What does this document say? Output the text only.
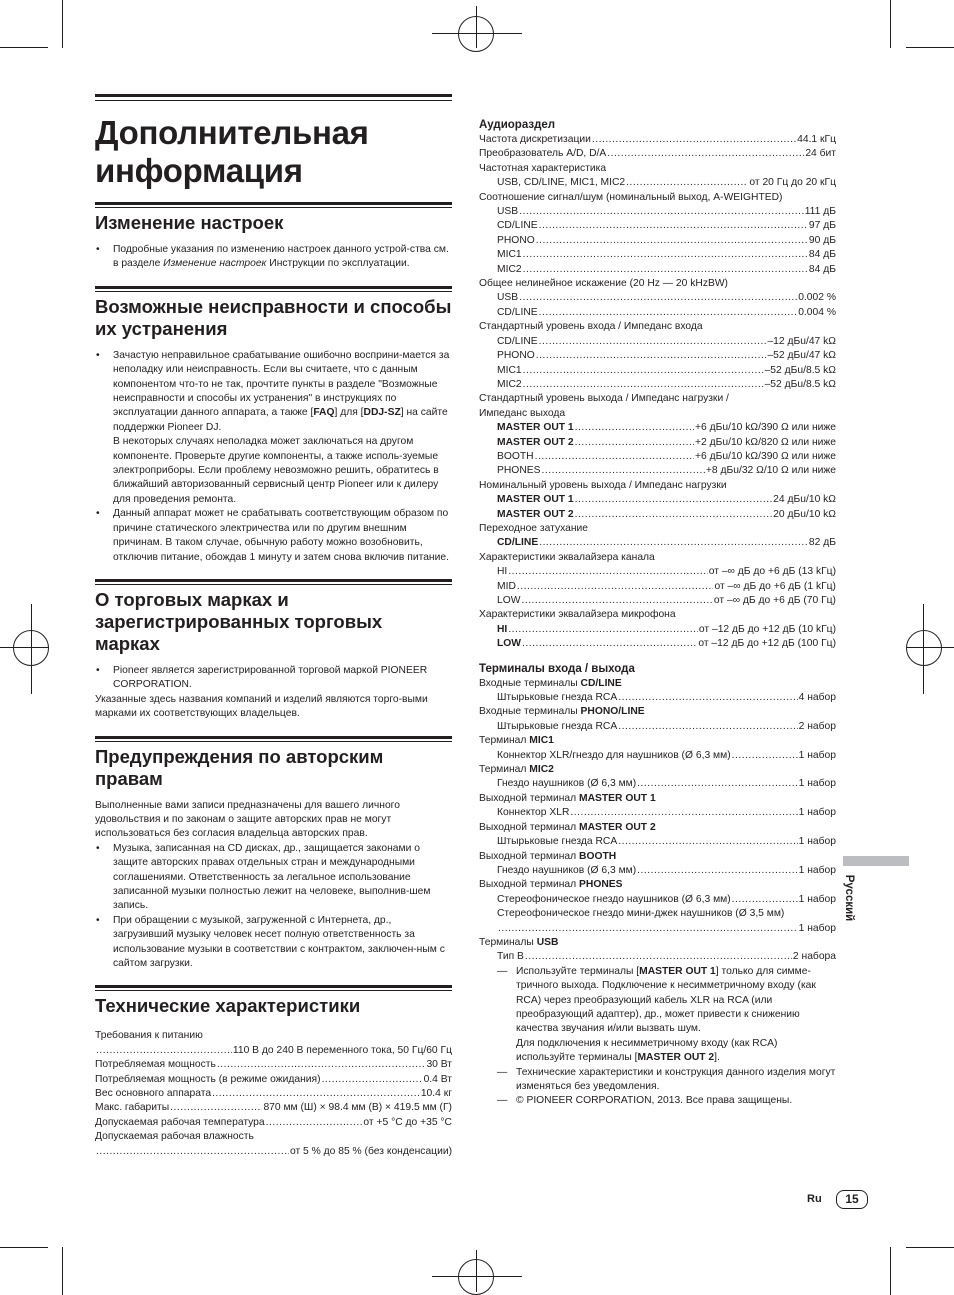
Дополнительная
информация
Изменение настроек

• Подробные указания по изменению настроек данного устрой-ства см. в разделе Изменение настроек Инструкции по эксплуатации.

Возможные неисправности и способы их устранения

• Зачастую неправильное срабатывание ошибочно восприни-мается за неполадку или неисправность. Если вы считаете, что с данным компонентом что-то не так, прочтите пункты в разделе "Возможные неисправности и способы их устранения" в инструкциях по эксплуатации данного аппарата, а также [FAQ] для [DDJ-SZ] на сайте поддержки Pioneer DJ.

В некоторых случаях неполадка может заключаться на другом компоненте. Проверьте другие компоненты, а также исполь-зуемые электроприборы. Если проблему невозможно решить, обратитесь в ближайший авторизованный сервисный центр Pioneer или к дилеру для проведения ремонта.

• Данный аппарат может не срабатывать соответствующим образом по причине статического электричества или по другим внешним причинам. В таком случае, обычную работу можно возобновить, отключив питание, обождав 1 минуту и затем снова включив питание.

О торговых марках и зарегистрированных торговых марках

• Pioneer является зарегистрированной торговой маркой PIONEER CORPORATION.

Указанные здесь названия компаний и изделий являются торго-выми марками их соответствующих владельцев.

Предупреждения по авторским правам

Выполненные вами записи предназначены для вашего личного удовольствия и по законам о защите авторских прав не могут использоваться без согласия владельца авторских прав.

• Музыка, записанная на CD дисках, др., защищается законами о защите авторских правах отдельных стран и международными соглашениями. Ответственность за легальное использование записанной музыки полностью лежит на человеке, выполнив-шем запись.

• При обращении с музыкой, загруженной с Интернета, др., загрузивший музыку человек несет полную ответственность за использование музыки в соответствии с контрактом, заключен-ным с сайтом загрузки.

Технические характеристики

Требования к питанию

.....
110 В до 240 В переменного тока, 50 Гц/60 Гц
Потребляемая мощность .....	30 Вт
Потребляемая мощность (в режиме ожидания) .....	0.4 Вт
Вес основного аппарата .....	10.4 кг
Макс. габариты .....	870 мм (Ш) × 98.4 мм (В) × 419.5 мм (Г)
Допускаемая рабочая температура .....	от +5 °C до +35 °C

Допускаемая рабочая влажность

.....
от 5 % до 85 % (без конденсации)
Аудиораздел
Частота дискретизации .....	44.1 кГц
Преобразователь A/D, D/A .....	24 бит

Частотная характеристика

USB, CD/LINE, MIC1, MIC2 .....	от 20 Гц до 20 кГц

Соотношение сигнал/шум (номинальный выход, A-WEIGHTED)

USB .....	111 дБ
CD/LINE .....	97 дБ
PHONO .....	90 дБ
MIC1 .....	84 дБ
MIC2 .....	84 дБ

Общее нелинейное искажение (20 Hz — 20 kHzBW)

USB .....	0.002 %
CD/LINE .....	0.004 %

Стандартный уровень входа / Импеданс входа

CD/LINE .....	–12 дБu/47 kΩ
PHONO .....	–52 дБu/47 kΩ
MIC1 .....	–52 дБu/8.5 kΩ
MIC2 .....	–52 дБu/8.5 kΩ

Стандартный уровень выхода / Импеданс нагрузки /

Импеданс выхода

MASTER OUT 1 .....	+6 дБu/10 kΩ/390 Ω или ниже
MASTER OUT 2 .....	+2 дБu/10 kΩ/820 Ω или ниже
BOOTH .....	+6 дБu/10 kΩ/390 Ω или ниже
PHONES .....	+8 дБu/32 Ω/10 Ω или ниже

Номинальный уровень выхода / Импеданс нагрузки

MASTER OUT 1 .....	24 дБu/10 kΩ
MASTER OUT 2 .....	20 дБu/10 kΩ

Переходное затухание

CD/LINE .....	82 дБ

Характеристики эквалайзера канала

HI .....	от –∞ дБ до +6 дБ (13 kГц)
MID .....	от –∞ дБ до +6 дБ (1 kГц)
LOW .....	от –∞ дБ до +6 дБ (70 Гц)

Характеристики эквалайзера микрофона

HI .....	от –12 дБ до +12 дБ (10 kГц)
LOW .....	от –12 дБ до +12 дБ (100 Гц)
Терминалы входа / выхода

Входные терминалы CD/LINE

Штырьковые гнезда RCA .....	4 набор

Входные терминалы PHONO/LINE

Штырьковые гнезда RCA .....	2 набор

Терминал MIC1

Коннектор XLR/гнездо для наушников (Ø 6,3 мм) .....	1 набор

Терминал MIC2

Гнездо наушников (Ø 6,3 мм) .....	1 набор

Выходной терминал MASTER OUT 1

Коннектор XLR .....	1 набор

Выходной терминал MASTER OUT 2

Штырьковые гнезда RCA .....	1 набор

Выходной терминал BOOTH

Гнездо наушников (Ø 6,3 мм) .....	1 набор

Выходной терминал PHONES

Стереофоническое гнездо наушников (Ø 6,3 мм) .....	1 набор

Стереофоническое гнездо мини-джек наушников (Ø 3,5 мм)

.....
1 набор

Терминалы USB

Тип B .....	2 набора

— Используйте терминалы [MASTER OUT 1] только для симме-тричного выхода. Подключение к несимметричному входу (как RCA) через преобразующий кабель XLR на RCA (или преобразующий адаптер), др., может привести к снижению качества звучания и/или вызвать шум.

Для подключения к несимметричному входу (как RCA) используйте терминалы [MASTER OUT 2].

— Технические характеристики и конструкция данного изделия могут изменяться без уведомления.

— © PIONEER CORPORATION, 2013. Все права защищены.

Русский
Ru	15
